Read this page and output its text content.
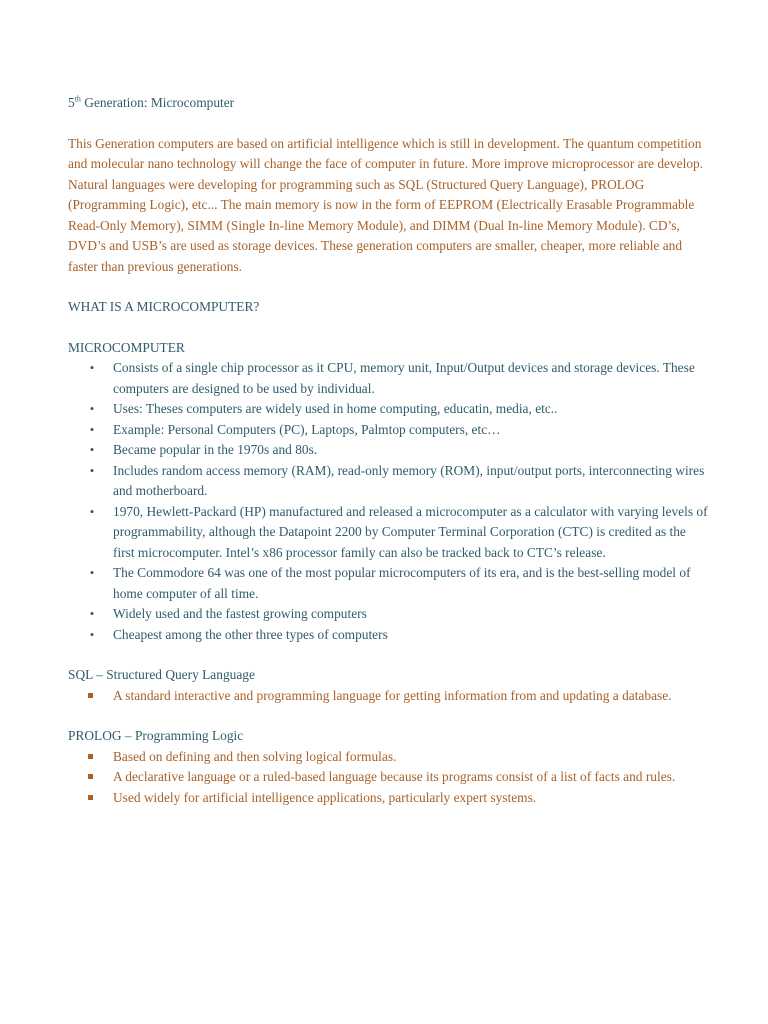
5th Generation: Microcomputer

This Generation computers are based on artificial intelligence which is still in development. The quantum competition and molecular nano technology will change the face of computer in future. More improve microprocessor are develop. Natural languages were developing for programming such as SQL (Structured Query Language), PROLOG (Programming Logic), etc... The main memory is now in the form of EEPROM (Electrically Erasable Programmable Read-Only Memory), SIMM (Single In-line Memory Module), and DIMM (Dual In-line Memory Module). CD’s, DVD’s and USB’s are used as storage devices. These generation computers are smaller, cheaper, more reliable and faster than previous generations.

WHAT IS A MICROCOMPUTER?

MICROCOMPUTER

•	Consists of a single chip processor as it CPU, memory unit, Input/Output devices and storage devices. These computers are designed to be used by individual.
•	Uses: Theses computers are widely used in home computing, educatin, media, etc..
•	Example: Personal Computers (PC), Laptops, Palmtop computers, etc…
•	Became popular in the 1970s and 80s.
•	Includes random access memory (RAM), read-only memory (ROM), input/output ports, interconnecting wires and motherboard.
•	1970, Hewlett-Packard (HP) manufactured and released a microcomputer as a calculator with varying levels of programmability, although the Datapoint 2200 by Computer Terminal Corporation (CTC) is credited as the first microcomputer. Intel’s x86 processor family can also be tracked back to CTC’s release.
•	The Commodore 64 was one of the most popular microcomputers of its era, and is the best-selling model of home computer of all time.
•	Widely used and the fastest growing computers
•	Cheapest among the other three types of computers

SQL – Structured Query Language

A standard interactive and programming language for getting information from and updating a database.

PROLOG – Programming Logic

Based on defining and then solving logical formulas.
A declarative language or a ruled-based language because its programs consist of a list of facts and rules.
Used widely for artificial intelligence applications, particularly expert systems.
